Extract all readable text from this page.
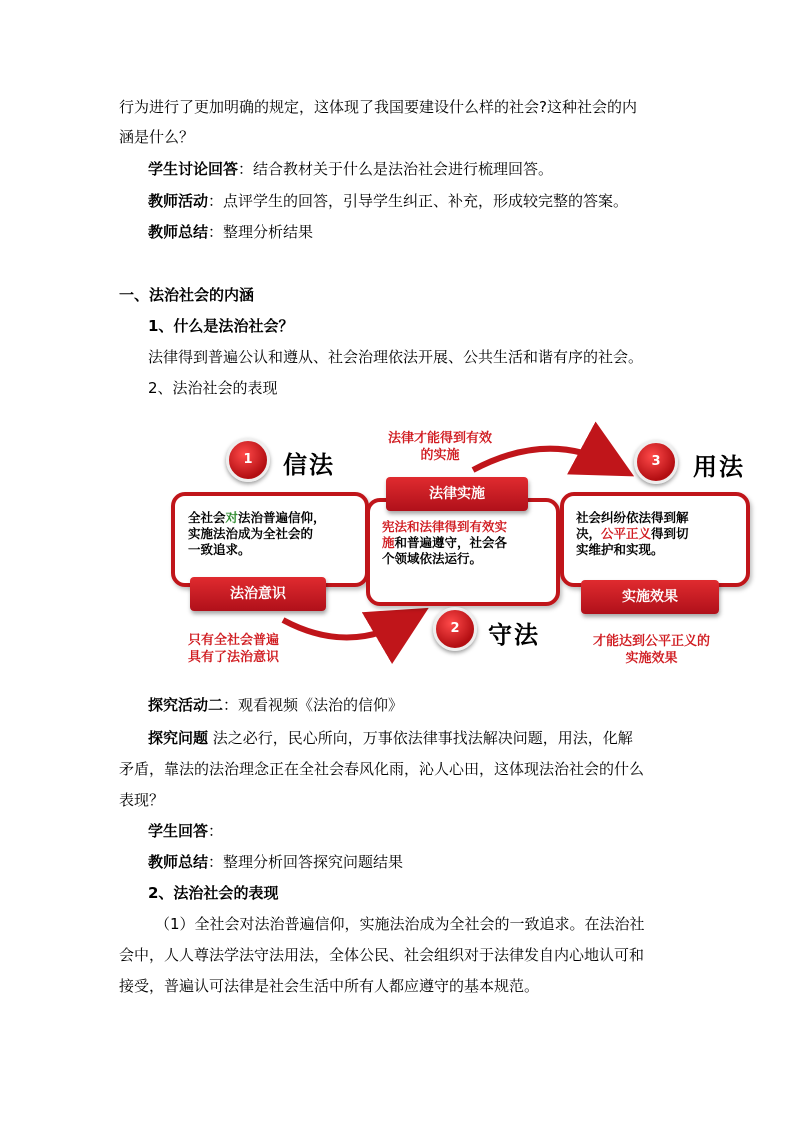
行为进行了更加明确的规定，这体现了我国要建设什么样的社会?这种社会的内
涵是什么？
学生讨论回答：结合教材关于什么是法治社会进行梳理回答。
教师活动：点评学生的回答，引导学生纠正、补充，形成较完整的答案。
教师总结：整理分析结果
一、法治社会的内涵
1、什么是法治社会？
法律得到普遍公认和遵从、社会治理依法开展、公共生活和谐有序的社会。
2、法治社会的表现
1	信法
全社会对法治普遍信仰，
实施法治成为全社会的
一致追求。
法治意识
只有全社会普遍
具有了法治意识
法律才能得到有效
的实施
法律实施
宪法和法律得到有效实
施和普遍遵守，社会各
个领域依法运行。
2	守法
3	用法
社会纠纷依法得到解
决，公平正义得到切
实维护和实现。
实施效果
才能达到公平正义的
实施效果
探究活动二：观看视频《法治的信仰》
探究问题 法之必行，民心所向，万事依法律事找法解决问题，用法，化解
矛盾，靠法的法治理念正在全社会春风化雨，沁人心田，这体现法治社会的什么
表现？
学生回答：
教师总结：整理分析回答探究问题结果
2、法治社会的表现
（1）全社会对法治普遍信仰，实施法治成为全社会的一致追求。在法治社
会中，人人尊法学法守法用法，全体公民、社会组织对于法律发自内心地认可和
接受，普遍认可法律是社会生活中所有人都应遵守的基本规范。
